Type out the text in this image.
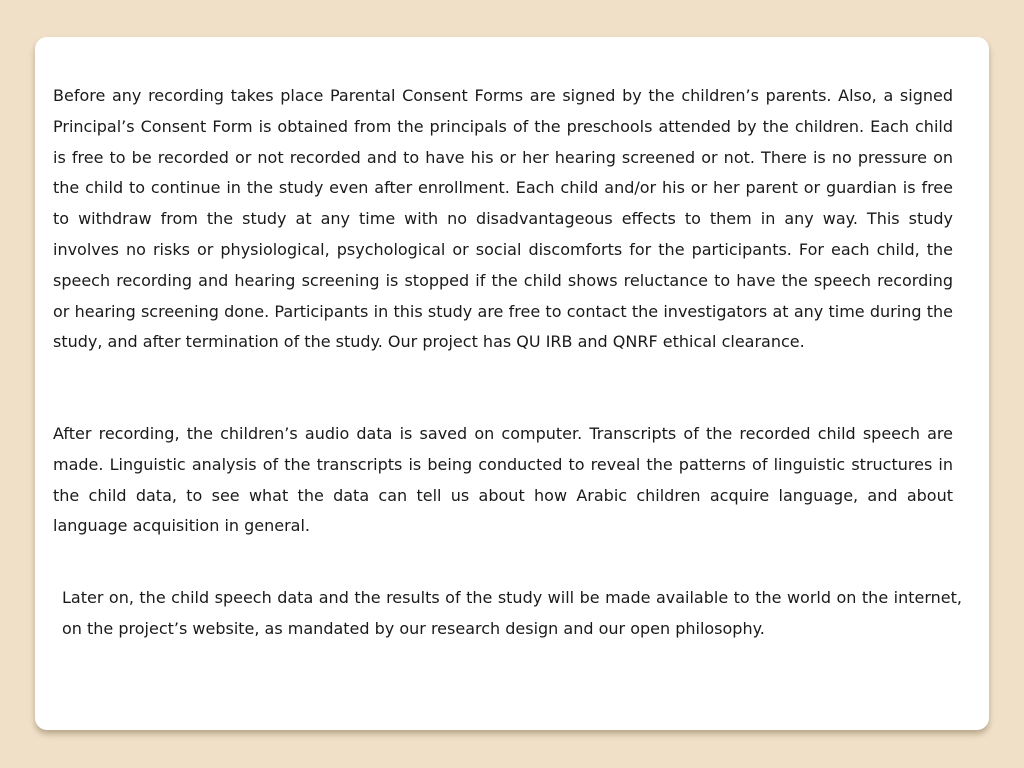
Before any recording takes place Parental Consent Forms are signed by the children’s parents. Also, a signed Principal’s Consent Form is obtained from the principals of the preschools attended by the children. Each child is free to be recorded or not recorded and to have his or her hearing screened or not. There is no pressure on the child to continue in the study even after enrollment. Each child and/or his or her parent or guardian is free to withdraw from the study at any time with no disadvantageous effects to them in any way. This study involves no risks or physiological, psychological or social discomforts for the participants. For each child, the speech recording and hearing screening is stopped if the child shows reluctance to have the speech recording or hearing screening done. Participants in this study are free to contact the investigators at any time during the study, and after termination of the study. Our project has QU IRB and QNRF ethical clearance.

After recording, the children’s audio data is saved on computer. Transcripts of the recorded child speech are made. Linguistic analysis of the transcripts is being conducted to reveal the patterns of linguistic structures in the child data, to see what the data can tell us about how Arabic children acquire language, and about language acquisition in general.

Later on, the child speech data and the results of the study will be made available to the world on the internet, on the project’s website, as mandated by our research design and our open philosophy.
